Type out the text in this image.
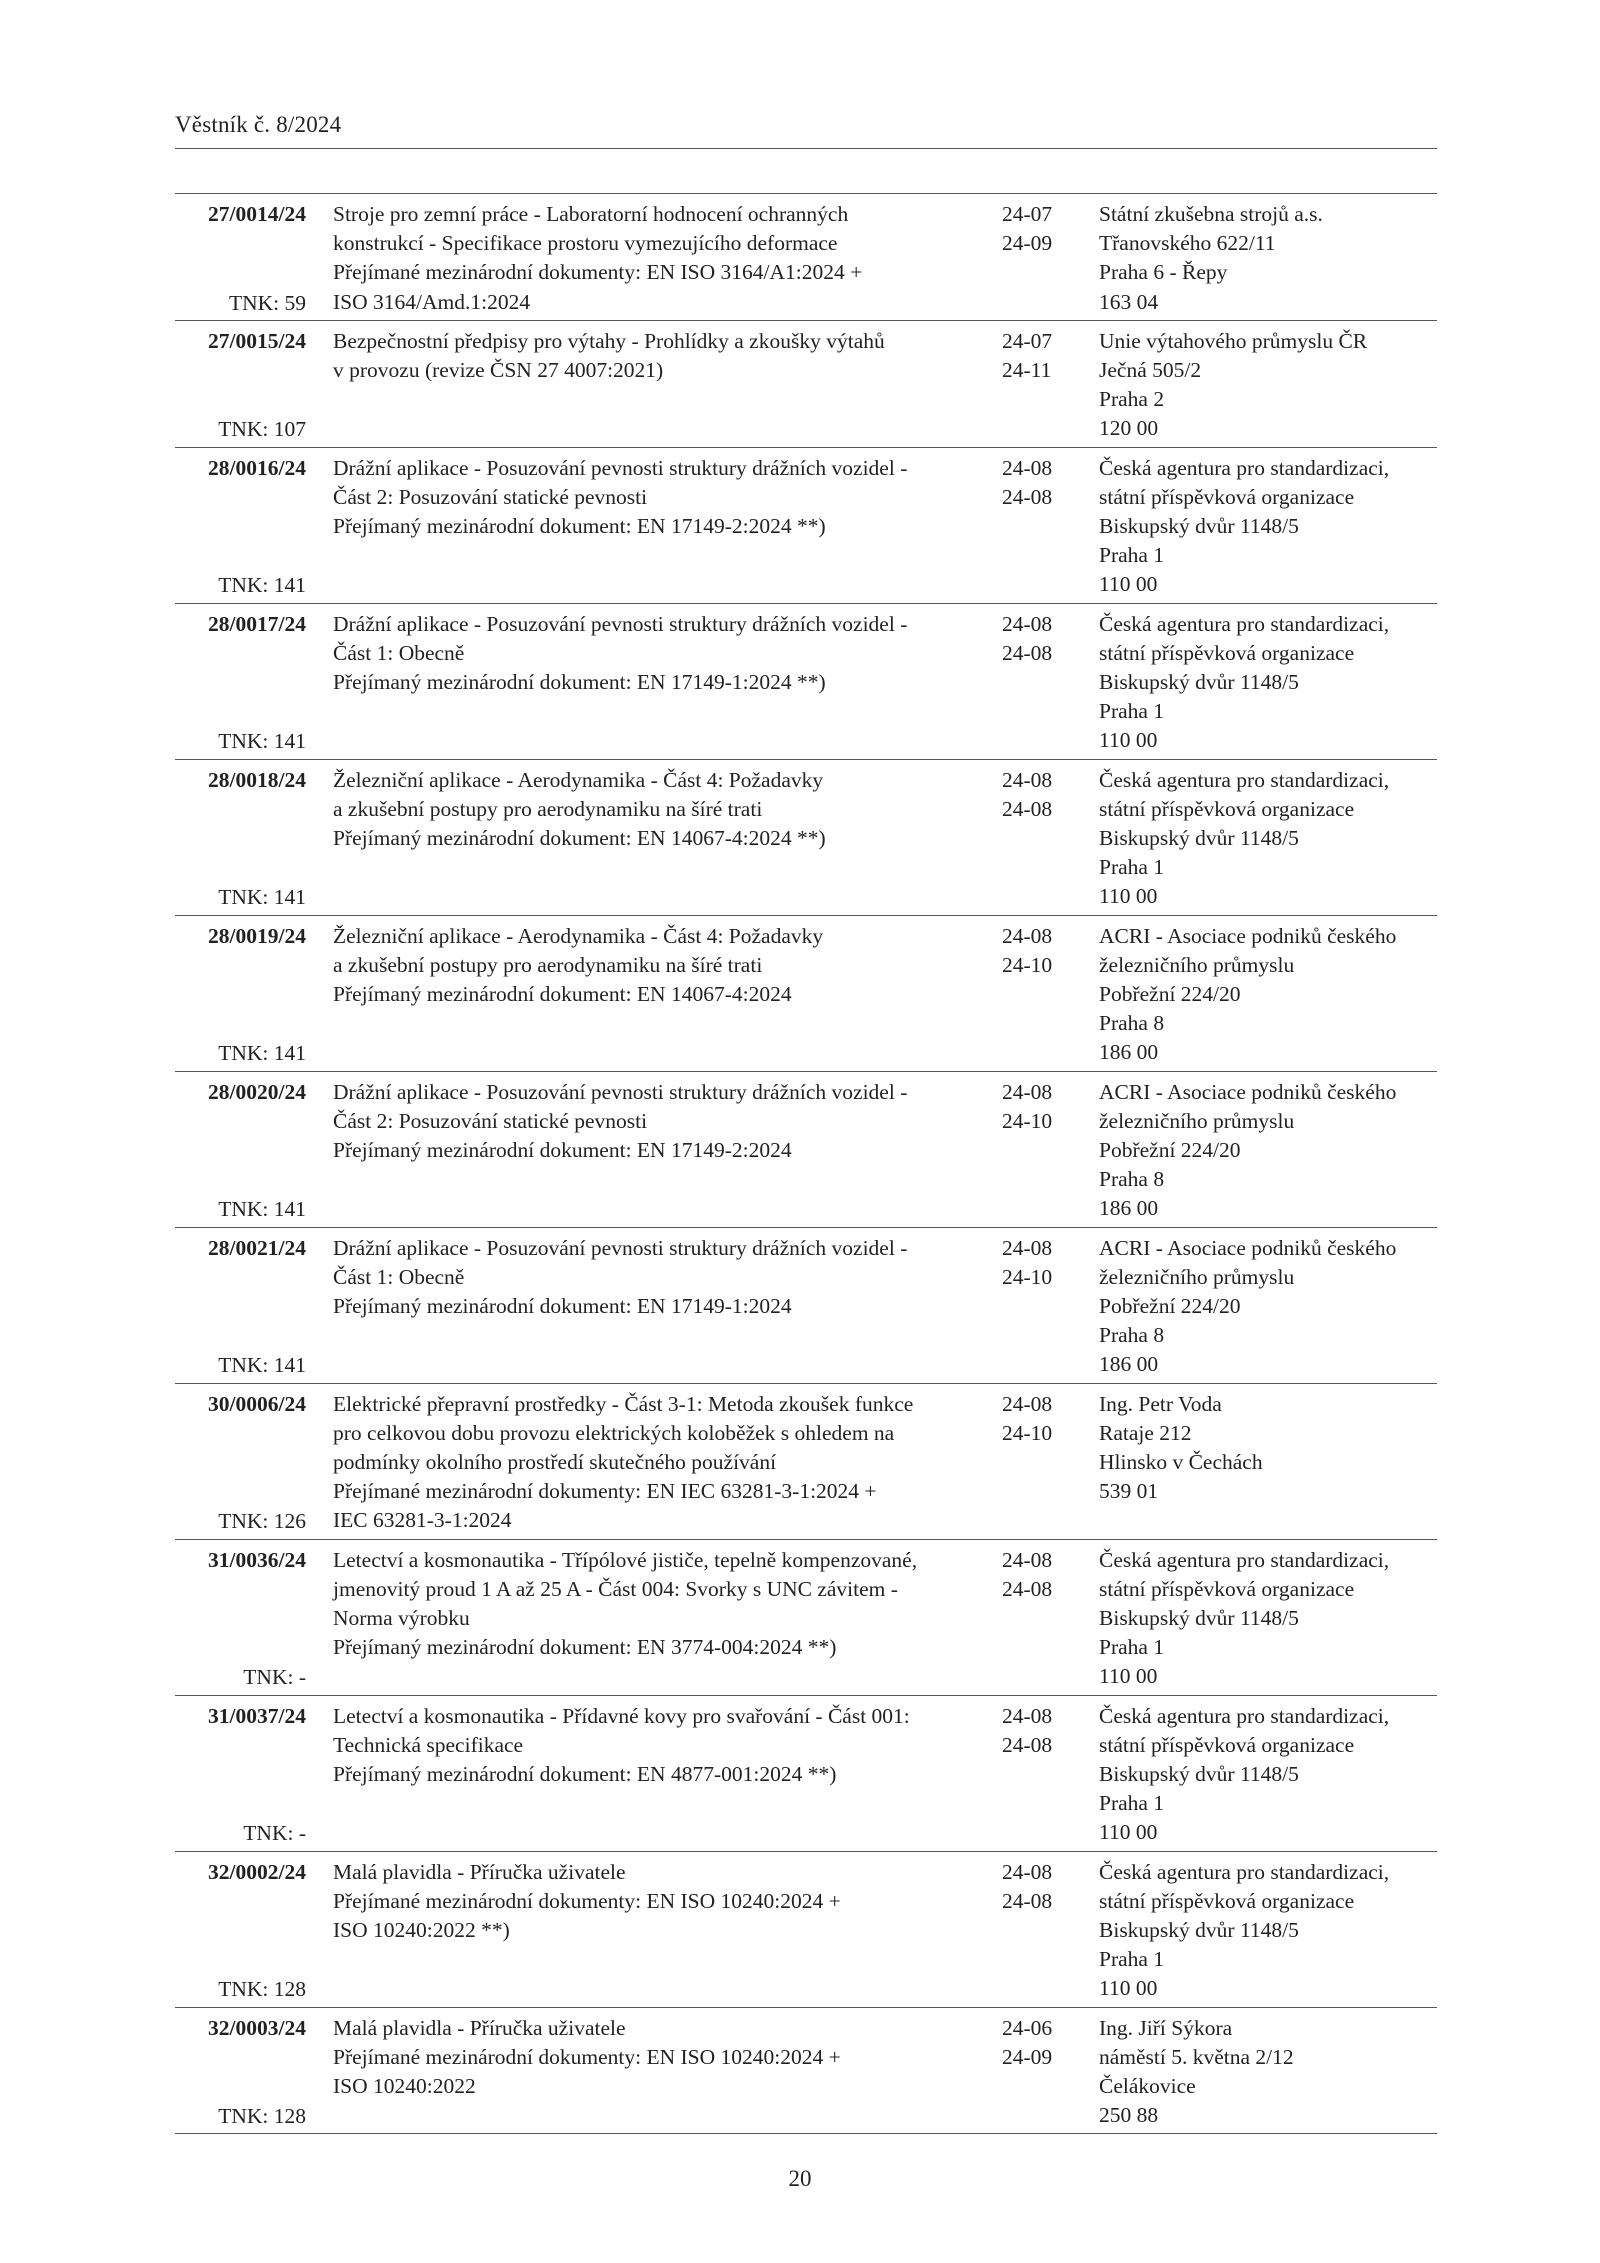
Věstník č. 8/2024
27/0014/24
TNK: 59
Stroje pro zemní práce - Laboratorní hodnocení ochranných
konstrukcí - Specifikace prostoru vymezujícího deformace
Přejímané mezinárodní dokumenty: EN ISO 3164/A1:2024 +
ISO 3164/Amd.1:2024
24-07
24-09
Státní zkušebna strojů a.s.
Třanovského 622/11
Praha 6 - Řepy
163 04
27/0015/24
TNK: 107
Bezpečnostní předpisy pro výtahy - Prohlídky a zkoušky výtahů
v provozu (revize ČSN 27 4007:2021)
24-07
24-11
Unie výtahového průmyslu ČR
Ječná 505/2
Praha 2
120 00
28/0016/24
TNK: 141
Drážní aplikace - Posuzování pevnosti struktury drážních vozidel -
Část 2: Posuzování statické pevnosti
Přejímaný mezinárodní dokument: EN 17149-2:2024 **)
24-08
24-08
Česká agentura pro standardizaci,
státní příspěvková organizace
Biskupský dvůr 1148/5
Praha 1
110 00
28/0017/24
TNK: 141
Drážní aplikace - Posuzování pevnosti struktury drážních vozidel -
Část 1: Obecně
Přejímaný mezinárodní dokument: EN 17149-1:2024 **)
24-08
24-08
Česká agentura pro standardizaci,
státní příspěvková organizace
Biskupský dvůr 1148/5
Praha 1
110 00
28/0018/24
TNK: 141
Železniční aplikace - Aerodynamika - Část 4: Požadavky
a zkušební postupy pro aerodynamiku na šíré trati
Přejímaný mezinárodní dokument: EN 14067-4:2024 **)
24-08
24-08
Česká agentura pro standardizaci,
státní příspěvková organizace
Biskupský dvůr 1148/5
Praha 1
110 00
28/0019/24
TNK: 141
Železniční aplikace - Aerodynamika - Část 4: Požadavky
a zkušební postupy pro aerodynamiku na šíré trati
Přejímaný mezinárodní dokument: EN 14067-4:2024
24-08
24-10
ACRI - Asociace podniků českého
železničního průmyslu
Pobřežní 224/20
Praha 8
186 00
28/0020/24
TNK: 141
Drážní aplikace - Posuzování pevnosti struktury drážních vozidel -
Část 2: Posuzování statické pevnosti
Přejímaný mezinárodní dokument: EN 17149-2:2024
24-08
24-10
ACRI - Asociace podniků českého
železničního průmyslu
Pobřežní 224/20
Praha 8
186 00
28/0021/24
TNK: 141
Drážní aplikace - Posuzování pevnosti struktury drážních vozidel -
Část 1: Obecně
Přejímaný mezinárodní dokument: EN 17149-1:2024
24-08
24-10
ACRI - Asociace podniků českého
železničního průmyslu
Pobřežní 224/20
Praha 8
186 00
30/0006/24
TNK: 126
Elektrické přepravní prostředky - Část 3-1: Metoda zkoušek funkce
pro celkovou dobu provozu elektrických koloběžek s ohledem na
podmínky okolního prostředí skutečného používání
Přejímané mezinárodní dokumenty: EN IEC 63281-3-1:2024 +
IEC 63281-3-1:2024
24-08
24-10
Ing. Petr Voda
Rataje 212
Hlinsko v Čechách
539 01
31/0036/24
TNK: -
Letectví a kosmonautika - Třípólové jističe, tepelně kompenzované,
jmenovitý proud 1 A až 25 A - Část 004: Svorky s UNC závitem -
Norma výrobku
Přejímaný mezinárodní dokument: EN 3774-004:2024 **)
24-08
24-08
Česká agentura pro standardizaci,
státní příspěvková organizace
Biskupský dvůr 1148/5
Praha 1
110 00
31/0037/24
TNK: -
Letectví a kosmonautika - Přídavné kovy pro svařování - Část 001:
Technická specifikace
Přejímaný mezinárodní dokument: EN 4877-001:2024 **)
24-08
24-08
Česká agentura pro standardizaci,
státní příspěvková organizace
Biskupský dvůr 1148/5
Praha 1
110 00
32/0002/24
TNK: 128
Malá plavidla - Příručka uživatele
Přejímané mezinárodní dokumenty: EN ISO 10240:2024 +
ISO 10240:2022 **)
24-08
24-08
Česká agentura pro standardizaci,
státní příspěvková organizace
Biskupský dvůr 1148/5
Praha 1
110 00
32/0003/24
TNK: 128
Malá plavidla - Příručka uživatele
Přejímané mezinárodní dokumenty: EN ISO 10240:2024 +
ISO 10240:2022
24-06
24-09
Ing. Jiří Sýkora
náměstí 5. května 2/12
Čelákovice
250 88
20
